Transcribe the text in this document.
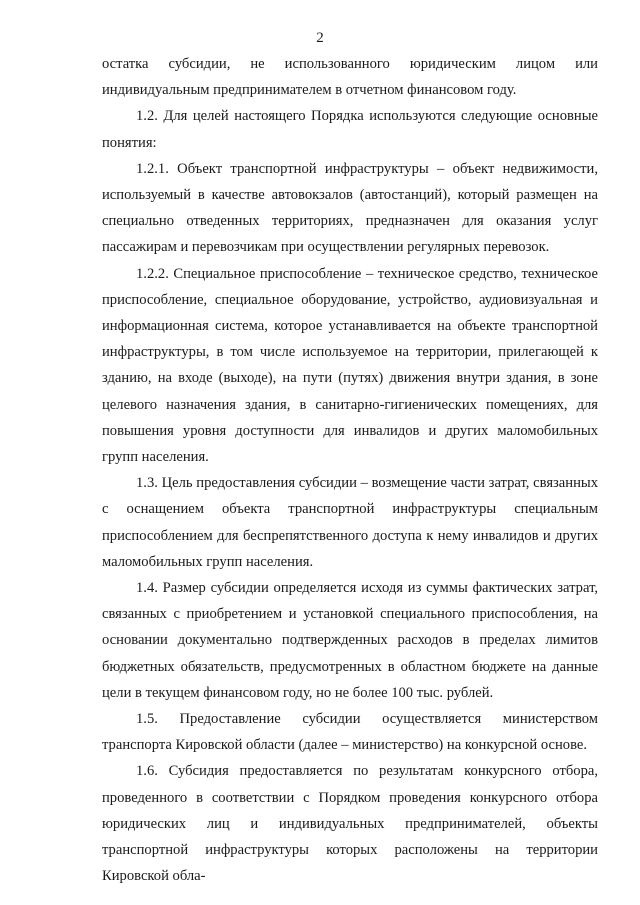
2

остатка субсидии, не использованного юридическим лицом или индивидуальным предпринимателем в отчетном финансовом году.

1.2. Для целей настоящего Порядка используются следующие основные понятия:

1.2.1. Объект транспортной инфраструктуры – объект недвижимости, используемый в качестве автовокзалов (автостанций), который размещен на специально отведенных территориях, предназначен для оказания услуг пассажирам и перевозчикам при осуществлении регулярных перевозок.

1.2.2. Специальное приспособление – техническое средство, техническое приспособление, специальное оборудование, устройство, аудиовизуальная и информационная система, которое устанавливается на объекте транспортной инфраструктуры, в том числе используемое на территории, прилегающей к зданию, на входе (выходе), на пути (путях) движения внутри здания, в зоне целевого назначения здания, в санитарно-гигиенических помещениях, для повышения уровня доступности для инвалидов и других маломобильных групп населения.

1.3. Цель предоставления субсидии – возмещение части затрат, связанных с оснащением объекта транспортной инфраструктуры специальным приспособлением для беспрепятственного доступа к нему инвалидов и других маломобильных групп населения.

1.4. Размер субсидии определяется исходя из суммы фактических затрат, связанных с приобретением и установкой специального приспособления, на основании документально подтвержденных расходов в пределах лимитов бюджетных обязательств, предусмотренных в областном бюджете на данные цели в текущем финансовом году, но не более 100 тыс. рублей.

1.5. Предоставление субсидии осуществляется министерством транспорта Кировской области (далее – министерство) на конкурсной основе.

1.6. Субсидия предоставляется по результатам конкурсного отбора, проведенного в соответствии с Порядком проведения конкурсного отбора юридических лиц и индивидуальных предпринимателей, объекты транспортной инфраструктуры которых расположены на территории Кировской обла-
